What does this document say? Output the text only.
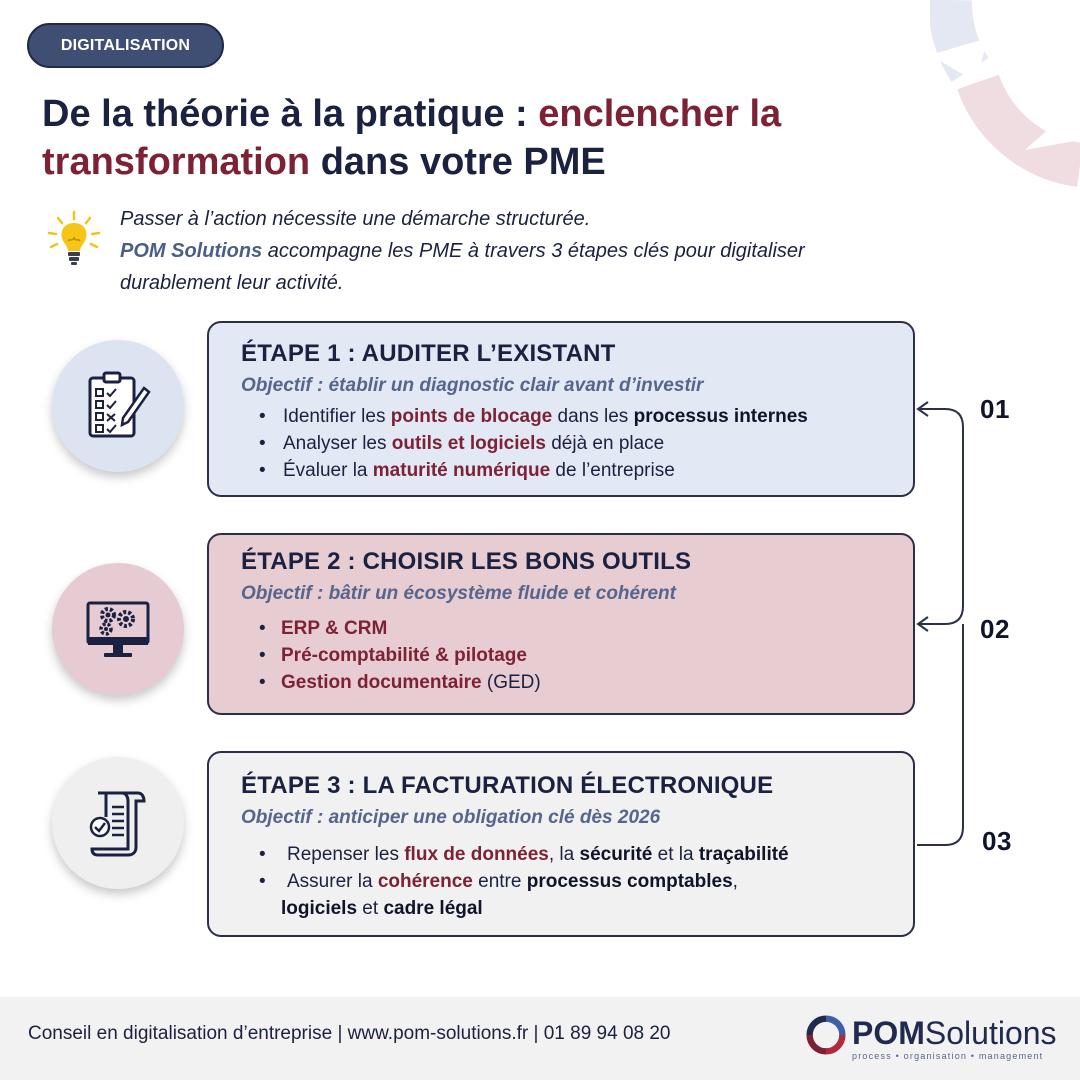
DIGITALISATION
De la théorie à la pratique : enclencher la
transformation dans votre PME
Passer à l’action nécessite une démarche structurée.
POM Solutions accompagne les PME à travers 3 étapes clés pour digitaliser
durablement leur activité.
ÉTAPE 1 : AUDITER L’EXISTANT
Objectif : établir un diagnostic clair avant d’investir
• Identifier les points de blocage dans les processus internes
• Analyser les outils et logiciels déjà en place
• Évaluer la maturité numérique de l’entreprise
ÉTAPE 2 : CHOISIR LES BONS OUTILS
Objectif : bâtir un écosystème fluide et cohérent
• ERP & CRM
• Pré-comptabilité & pilotage
• Gestion documentaire (GED)
ÉTAPE 3 : LA FACTURATION ÉLECTRONIQUE
Objectif : anticiper une obligation clé dès 2026
• Repenser les flux de données, la sécurité et la traçabilité
• Assurer la cohérence entre processus comptables,
logiciels et cadre légal
01
02
03
Conseil en digitalisation d’entreprise | www.pom-solutions.fr | 01 89 94 08 20	POMSolutions
process • organisation • management
